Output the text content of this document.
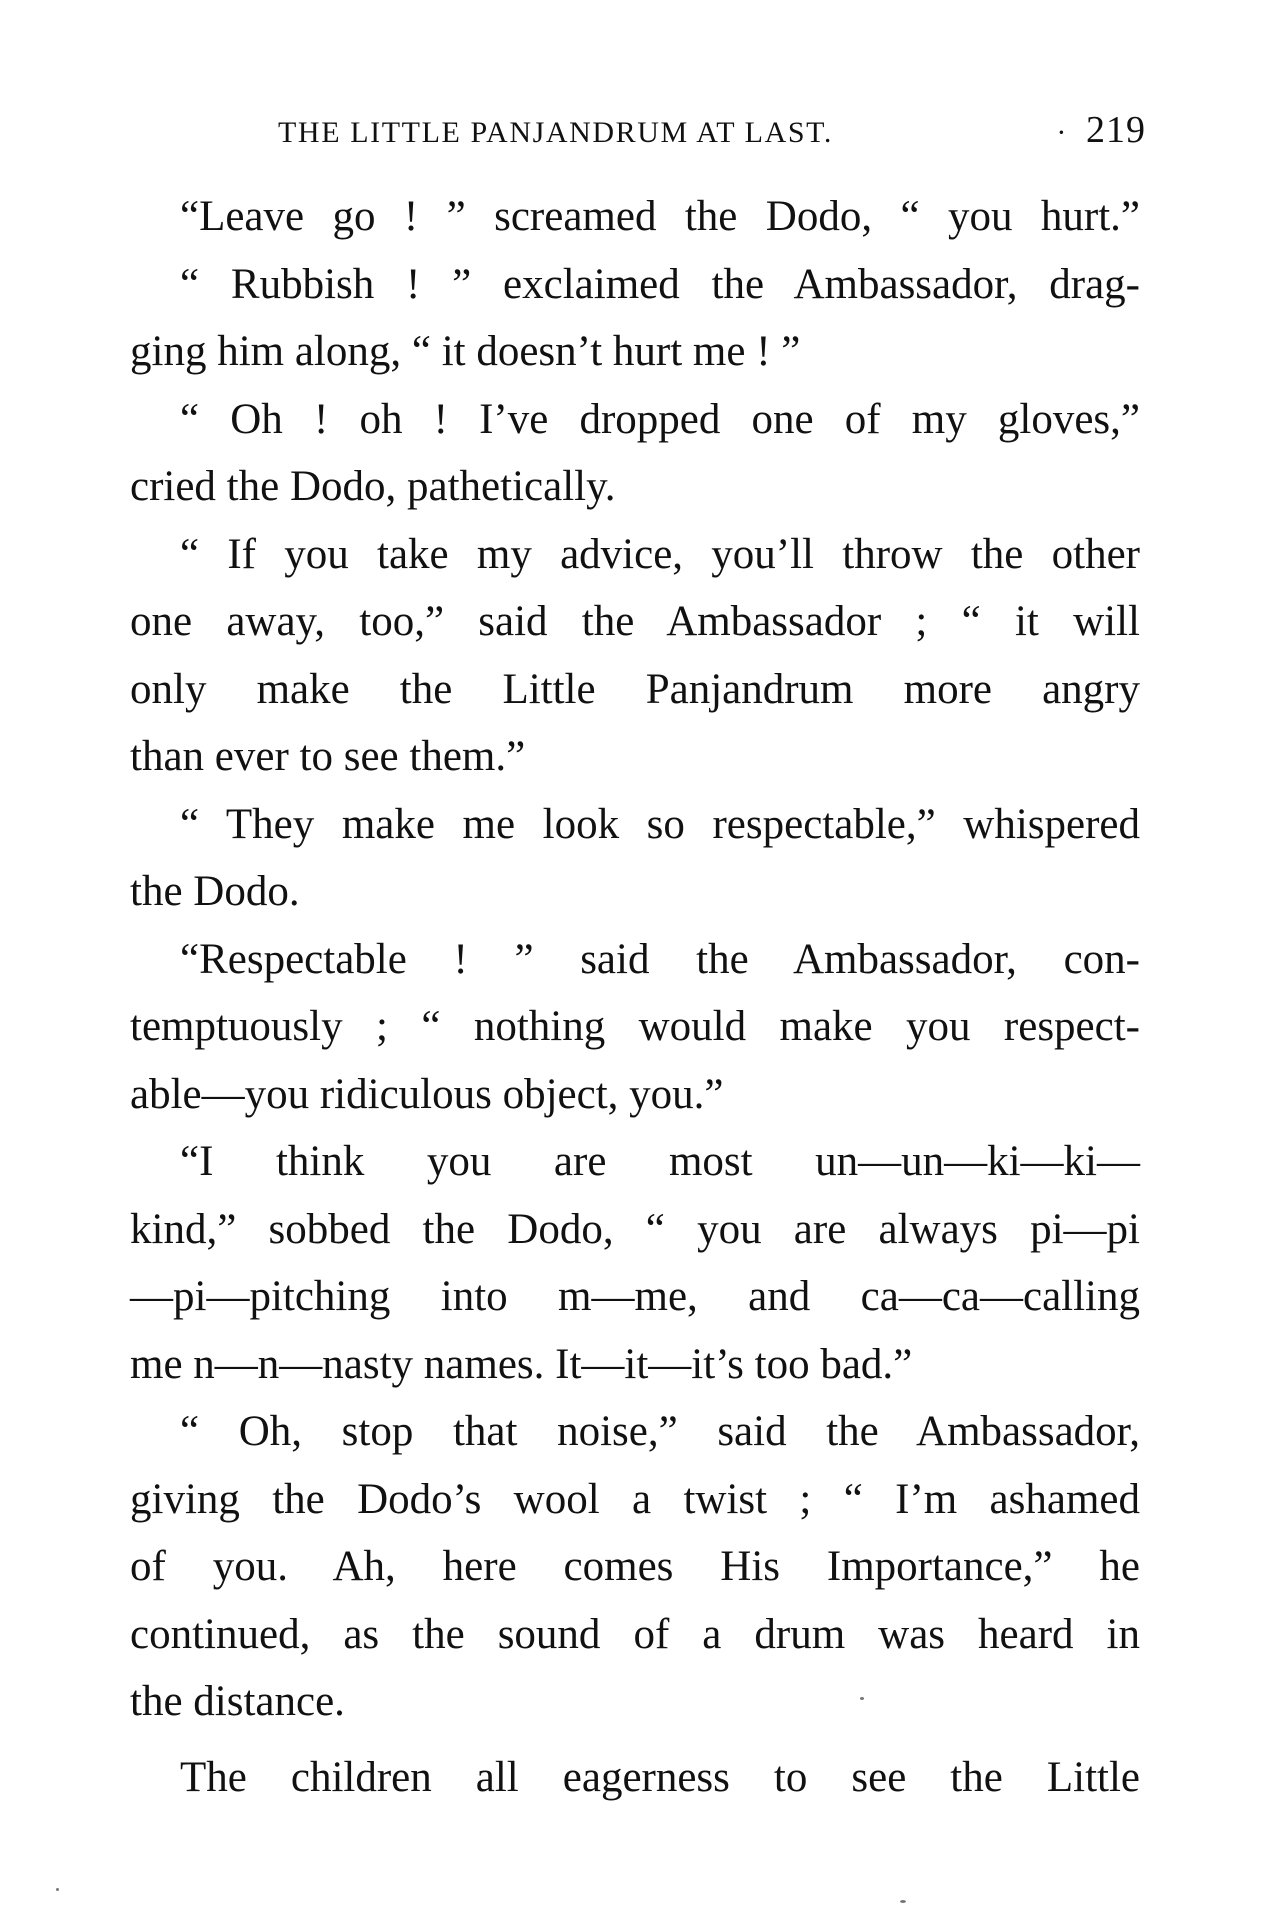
THE LITTLE PANJANDRUM AT LAST.	· 219
“Leave go ! ” screamed the Dodo, “ you hurt.”
“ Rubbish ! ” exclaimed the Ambassador, drag-
ging him along, “ it doesn’t hurt me ! ”
“ Oh ! oh ! I’ve dropped one of my gloves,”
cried the Dodo, pathetically.
“ If you take my advice, you’ll throw the other
one away, too,” said the Ambassador ; “ it will
only make the Little Panjandrum more angry
than ever to see them.”
“ They make me look so respectable,” whispered
the Dodo.
“Respectable ! ” said the Ambassador, con-
temptuously ; “ nothing would make you respect-
able—you ridiculous object, you.”
“I think you are most un—un—ki—ki—
kind,” sobbed the Dodo, “ you are always pi—pi
—pi—pitching into m—me, and ca—ca—calling
me n—n—nasty names. It—it—it’s too bad.”
“ Oh, stop that noise,” said the Ambassador,
giving the Dodo’s wool a twist ; “ I’m ashamed
of you. Ah, here comes His Importance,” he
continued, as the sound of a drum was heard in
the distance.
The children all eagerness to see the Little
